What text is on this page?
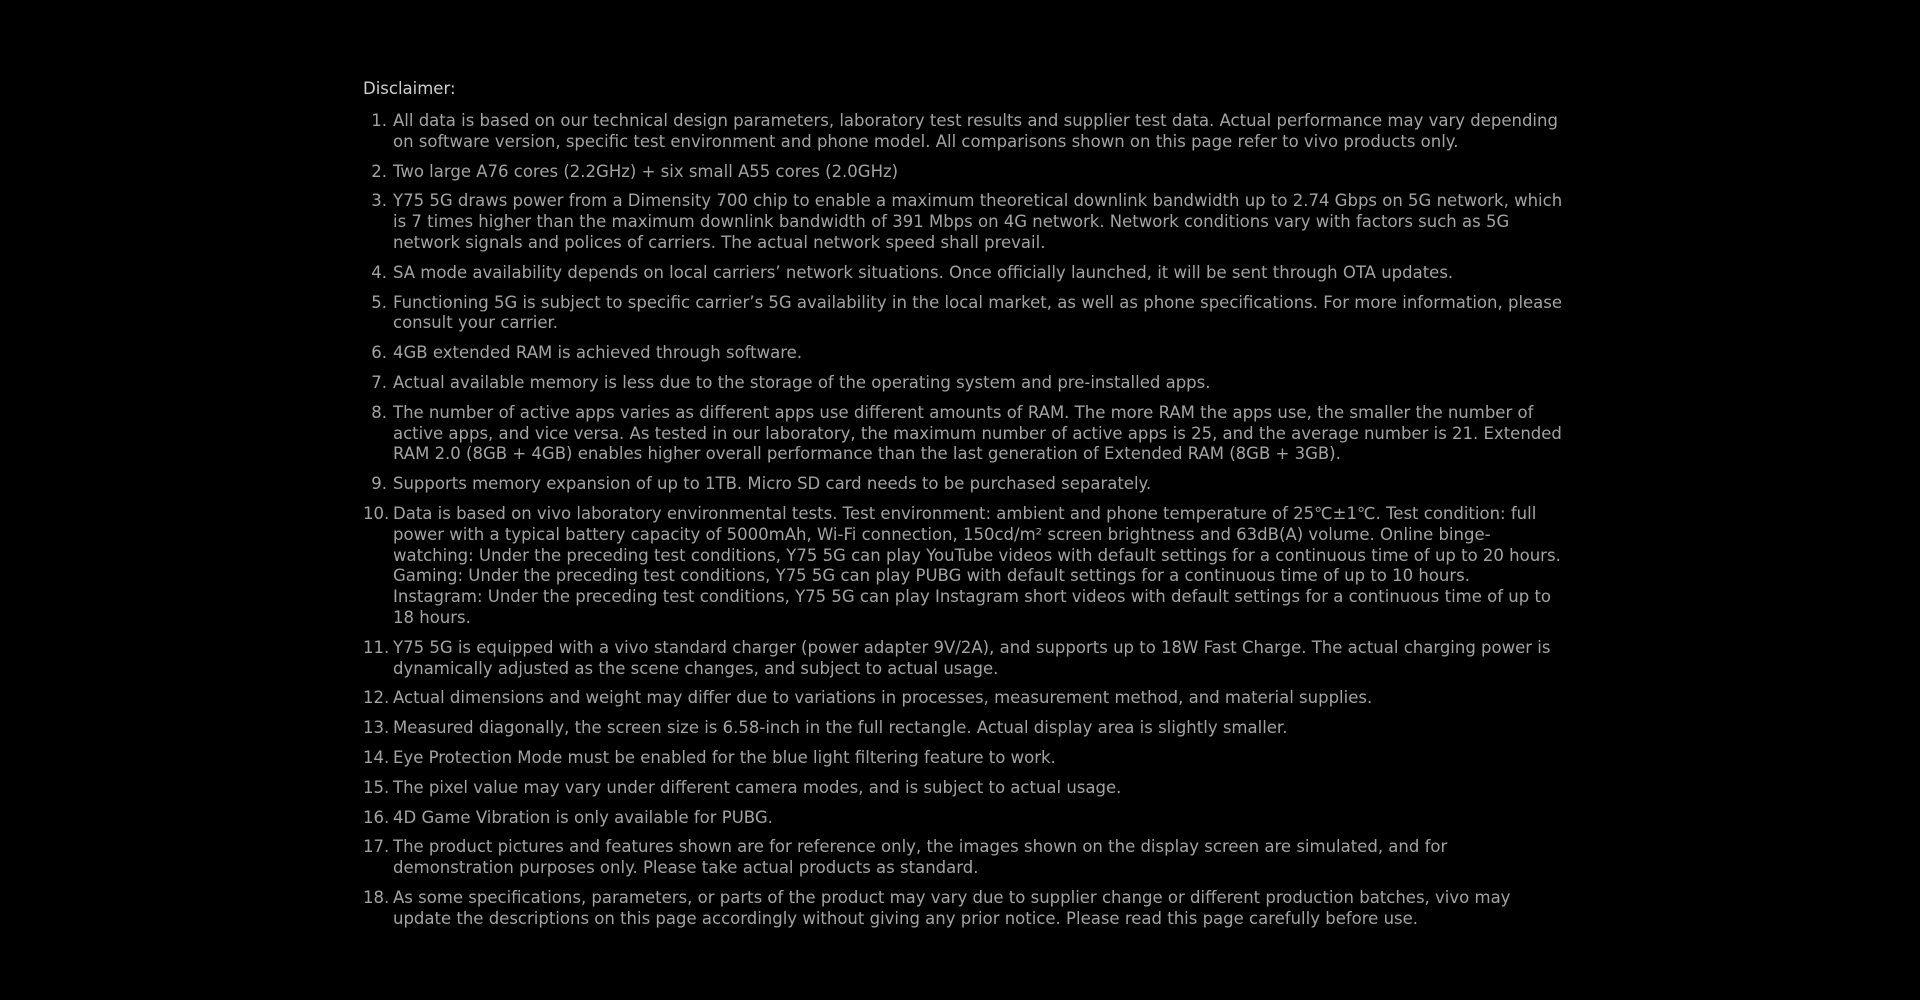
Disclaimer:
1. All data is based on our technical design parameters, laboratory test results and supplier test data. Actual performance may vary depending on software version, specific test environment and phone model. All comparisons shown on this page refer to vivo products only.
2. Two large A76 cores (2.2GHz) + six small A55 cores (2.0GHz)
3. Y75 5G draws power from a Dimensity 700 chip to enable a maximum theoretical downlink bandwidth up to 2.74 Gbps on 5G network, which is 7 times higher than the maximum downlink bandwidth of 391 Mbps on 4G network. Network conditions vary with factors such as 5G network signals and polices of carriers. The actual network speed shall prevail.
4. SA mode availability depends on local carriers’ network situations. Once officially launched, it will be sent through OTA updates.
5. Functioning 5G is subject to specific carrier’s 5G availability in the local market, as well as phone specifications. For more information, please consult your carrier.
6. 4GB extended RAM is achieved through software.
7. Actual available memory is less due to the storage of the operating system and pre-installed apps.
8. The number of active apps varies as different apps use different amounts of RAM. The more RAM the apps use, the smaller the number of active apps, and vice versa. As tested in our laboratory, the maximum number of active apps is 25, and the average number is 21. Extended RAM 2.0 (8GB + 4GB) enables higher overall performance than the last generation of Extended RAM (8GB + 3GB).
9. Supports memory expansion of up to 1TB. Micro SD card needs to be purchased separately.
10. Data is based on vivo laboratory environmental tests. Test environment: ambient and phone temperature of 25℃±1℃. Test condition: full power with a typical battery capacity of 5000mAh, Wi-Fi connection, 150cd/m² screen brightness and 63dB(A) volume. Online binge-watching: Under the preceding test conditions, Y75 5G can play YouTube videos with default settings for a continuous time of up to 20 hours. Gaming: Under the preceding test conditions, Y75 5G can play PUBG with default settings for a continuous time of up to 10 hours. Instagram: Under the preceding test conditions, Y75 5G can play Instagram short videos with default settings for a continuous time of up to 18 hours.
11. Y75 5G is equipped with a vivo standard charger (power adapter 9V/2A), and supports up to 18W Fast Charge. The actual charging power is dynamically adjusted as the scene changes, and subject to actual usage.
12. Actual dimensions and weight may differ due to variations in processes, measurement method, and material supplies.
13. Measured diagonally, the screen size is 6.58-inch in the full rectangle. Actual display area is slightly smaller.
14. Eye Protection Mode must be enabled for the blue light filtering feature to work.
15. The pixel value may vary under different camera modes, and is subject to actual usage.
16. 4D Game Vibration is only available for PUBG.
17. The product pictures and features shown are for reference only, the images shown on the display screen are simulated, and for demonstration purposes only. Please take actual products as standard.
18. As some specifications, parameters, or parts of the product may vary due to supplier change or different production batches, vivo may update the descriptions on this page accordingly without giving any prior notice. Please read this page carefully before use.
